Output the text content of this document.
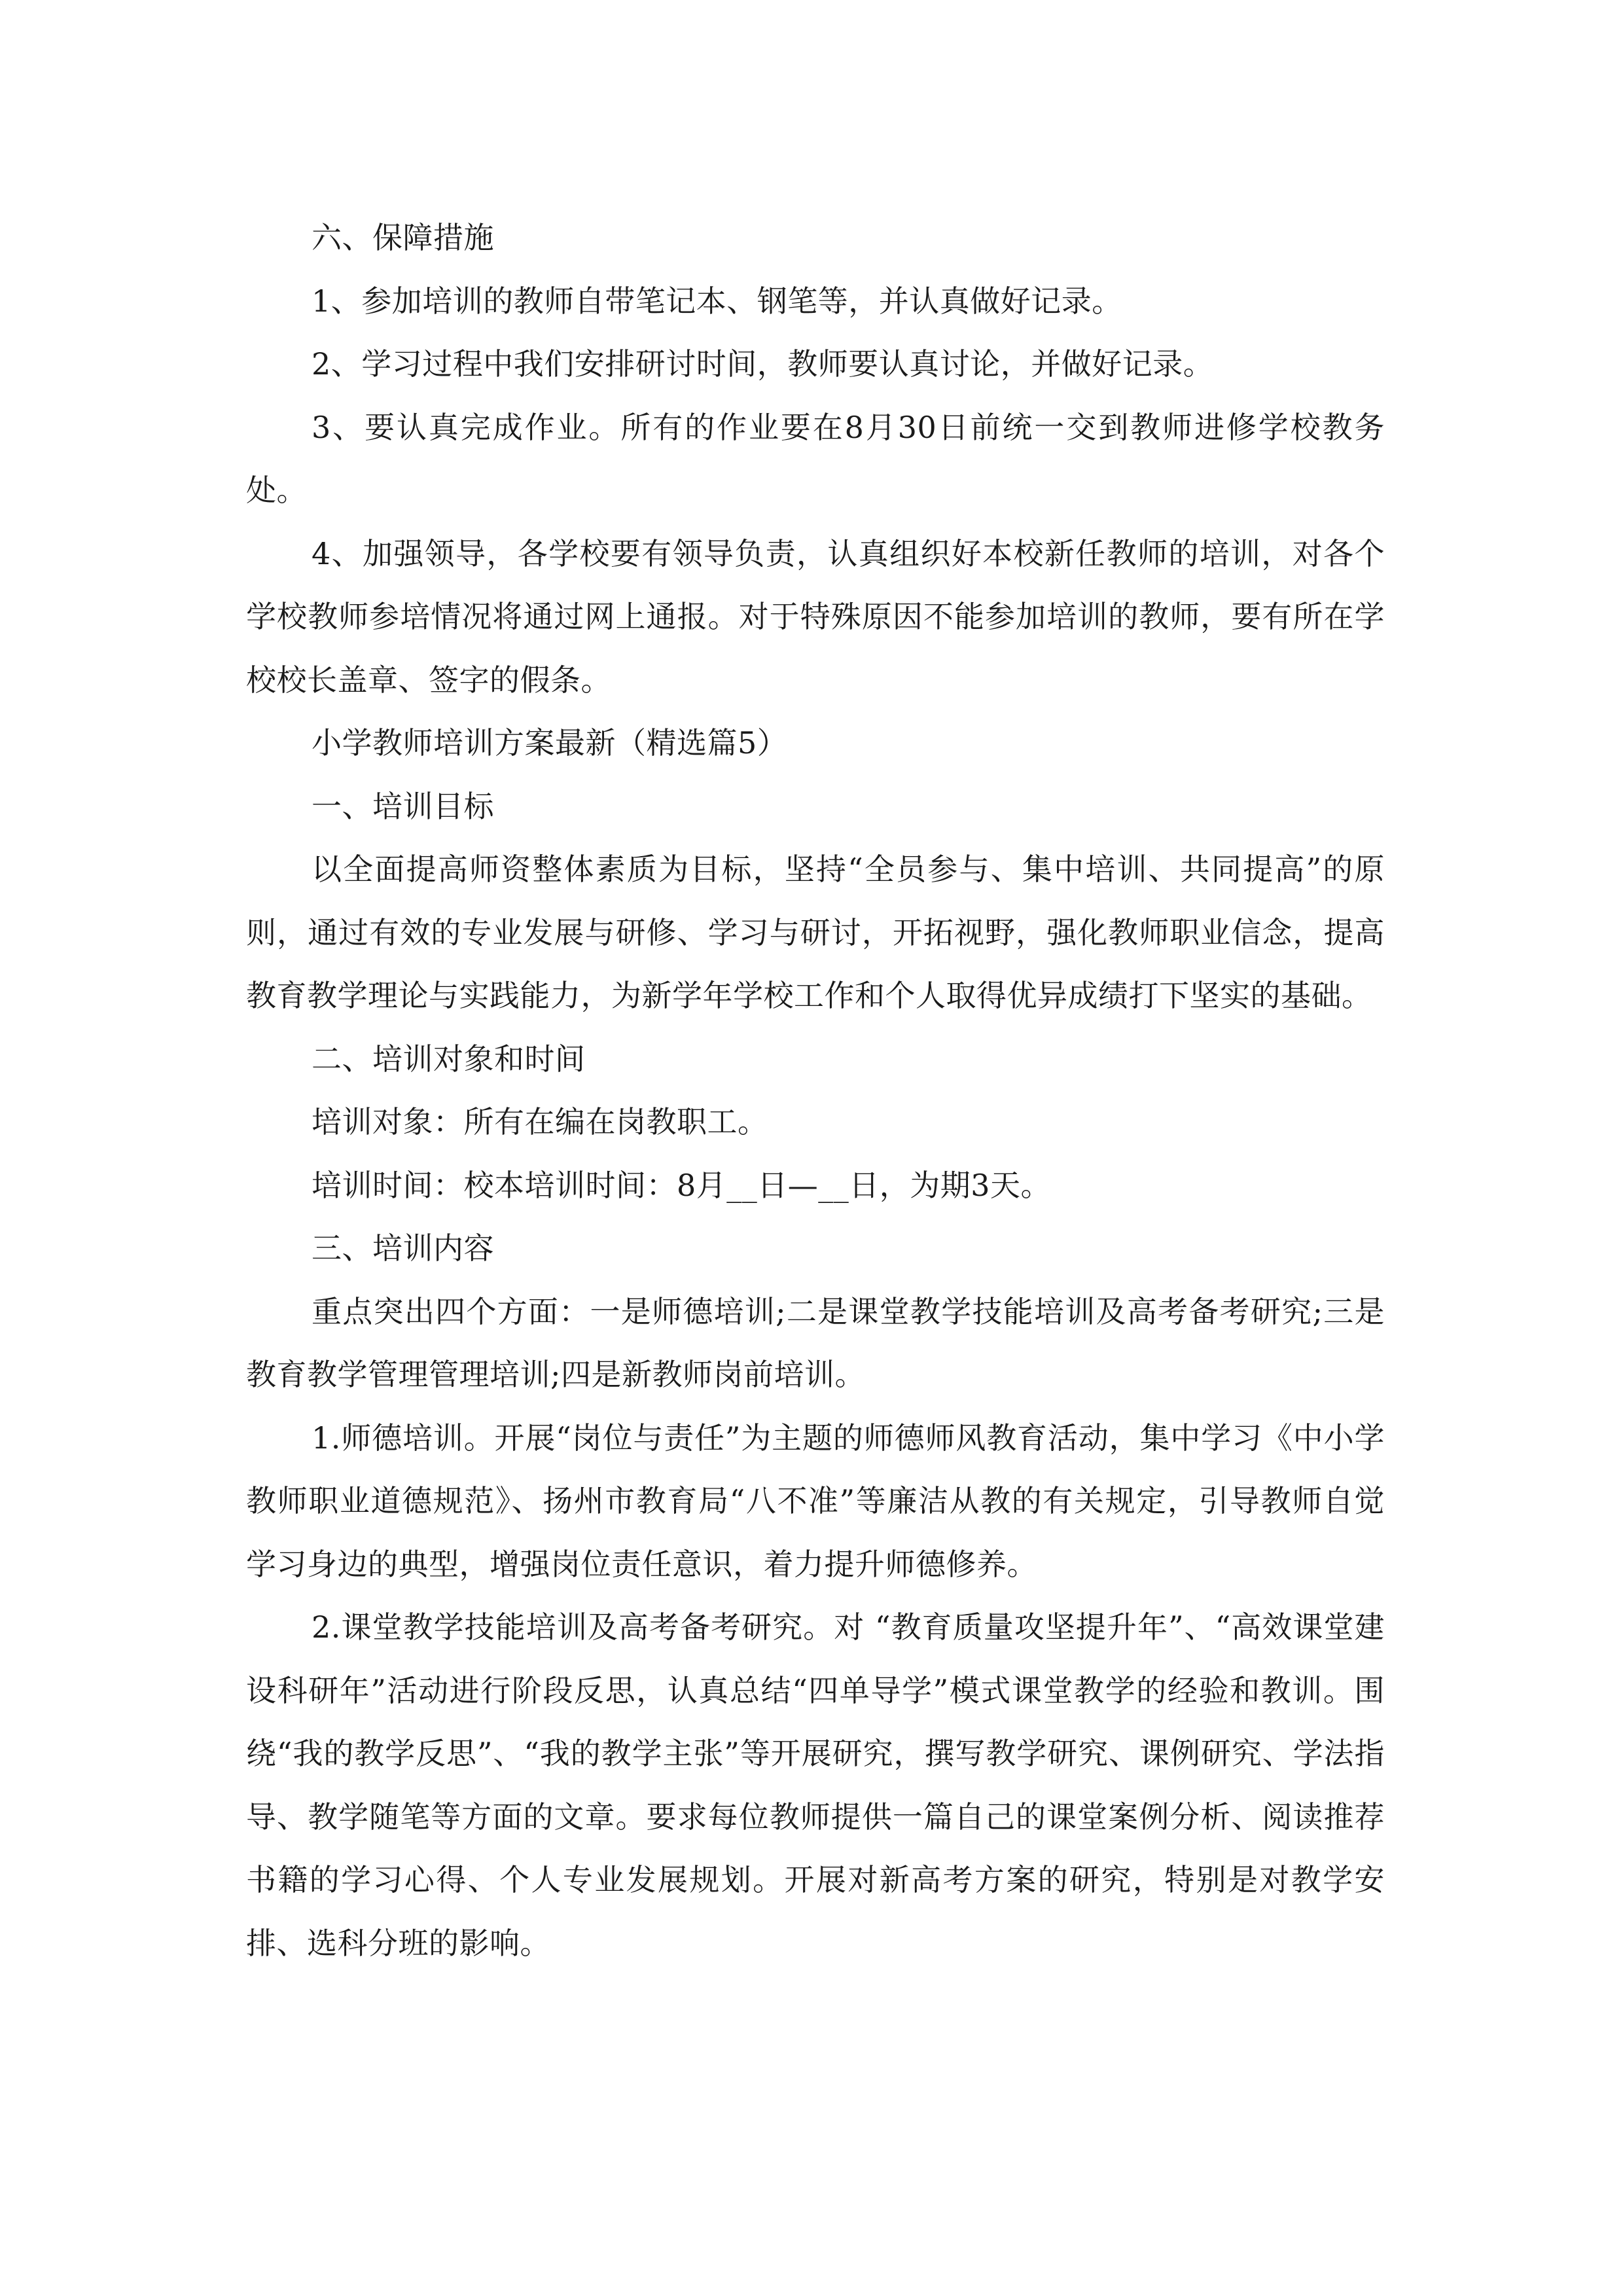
六、保障措施

1、参加培训的教师自带笔记本、钢笔等，并认真做好记录。

2、学习过程中我们安排研讨时间，教师要认真讨论，并做好记录。

3、要认真完成作业。所有的作业要在8月30日前统一交到教师进修学校教务处。

4、加强领导，各学校要有领导负责，认真组织好本校新任教师的培训，对各个学校教师参培情况将通过网上通报。对于特殊原因不能参加培训的教师，要有所在学校校长盖章、签字的假条。

小学教师培训方案最新（精选篇5）

一、培训目标

以全面提高师资整体素质为目标，坚持“全员参与、集中培训、共同提高”的原则，通过有效的专业发展与研修、学习与研讨，开拓视野，强化教师职业信念，提高教育教学理论与实践能力，为新学年学校工作和个人取得优异成绩打下坚实的基础。

二、培训对象和时间

培训对象：所有在编在岗教职工。

培训时间：校本培训时间：8月__日—__日，为期3天。

三、培训内容

重点突出四个方面：一是师德培训;二是课堂教学技能培训及高考备考研究;三是教育教学管理管理培训;四是新教师岗前培训。

1.师德培训。开展“岗位与责任”为主题的师德师风教育活动，集中学习《中小学教师职业道德规范》、扬州市教育局“八不准”等廉洁从教的有关规定，引导教师自觉学习身边的典型，增强岗位责任意识，着力提升师德修养。

2.课堂教学技能培训及高考备考研究。对 “教育质量攻坚提升年”、“高效课堂建设科研年”活动进行阶段反思，认真总结“四单导学”模式课堂教学的经验和教训。围绕“我的教学反思”、“我的教学主张”等开展研究，撰写教学研究、课例研究、学法指导、教学随笔等方面的文章。要求每位教师提供一篇自己的课堂案例分析、阅读推荐书籍的学习心得、个人专业发展规划。开展对新高考方案的研究，特别是对教学安排、选科分班的影响。
